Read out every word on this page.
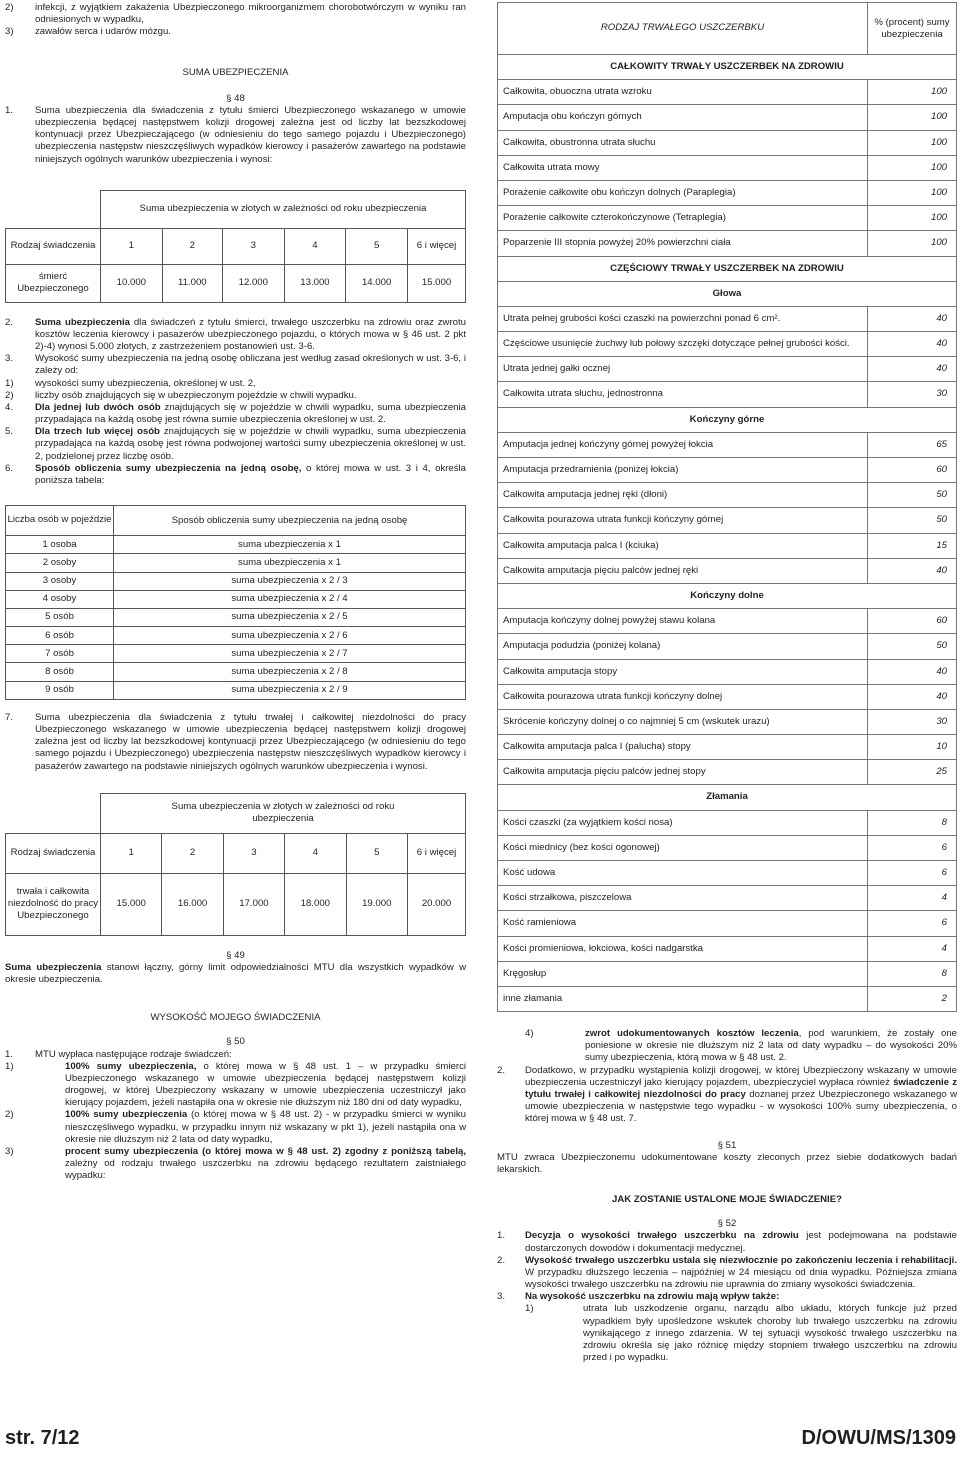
2)	infekcji, z wyjątkiem zakażenia Ubezpieczonego mikroorganizmem chorobotwórczym w wyniku ran odniesionych w wypadku,
3)	zawałów serca i udarów mózgu.
SUMA UBEZPIECZENIA
§ 48
1.	Suma ubezpieczenia dla świadczenia z tytułu śmierci Ubezpieczonego wskazanego w umowie ubezpieczenia będącej następstwem kolizji drogowej zależna jest od liczby lat bezszkodowej kontynuacji przez Ubezpieczającego (w odniesieniu do tego samego pojazdu i Ubezpieczonego) ubezpieczenia następstw nieszczęśliwych wypadków kierowcy i pasażerów zawartego na podstawie niniejszych ogólnych warunków ubezpieczenia i wynosi:
	Suma ubezpieczenia w złotych w zależności od roku ubezpieczenia					
Rodzaj świadczenia	1	2	3	4	5	6 i więcej
śmierć Ubezpieczonego	10.000	11.000	12.000	13.000	14.000	15.000
2.	Suma ubezpieczenia dla świadczeń z tytułu śmierci, trwałego uszczerbku na zdrowiu oraz zwrotu kosztów leczenia kierowcy i pasażerów ubezpieczonego pojazdu, o których mowa w § 46 ust. 2 pkt 2)-4) wynosi 5.000 złotych, z zastrzeżeniem postanowień ust. 3-6.
3.	Wysokość sumy ubezpieczenia na jedną osobę obliczana jest według zasad określonych w ust. 3-6, i zależy od:
1)	wysokości sumy ubezpieczenia, określonej w ust. 2,
2)	liczby osób znajdujących się w ubezpieczonym pojeździe w chwili wypadku.
4.	Dla jednej lub dwóch osób znajdujących się w pojeździe w chwili wypadku, suma ubezpieczenia przypadająca na każdą osobę jest równa sumie ubezpieczenia określonej w ust. 2.
5.	Dla trzech lub więcej osób znajdujących się w pojeździe w chwili wypadku, suma ubezpieczenia przypadająca na każdą osobę jest równa podwojonej wartości sumy ubezpieczenia określonej w ust. 2, podzielonej przez liczbę osób.
6.	Sposób obliczenia sumy ubezpieczenia na jedną osobę, o której mowa w ust. 3 i 4, określa poniższa tabela:
Liczba osób w pojeździe	Sposób obliczenia sumy ubezpieczenia na jedną osobę
1 osoba	suma ubezpieczenia x 1
2 osoby	suma ubezpieczenia x 1
3 osoby	suma ubezpieczenia x 2 / 3
4 osoby	suma ubezpieczenia x 2 / 4
5 osób	suma ubezpieczenia x 2 / 5
6 osób	suma ubezpieczenia x 2 / 6
7 osób	suma ubezpieczenia x 2 / 7
8 osób	suma ubezpieczenia x 2 / 8
9 osób	suma ubezpieczenia x 2 / 9
7.	Suma ubezpieczenia dla świadczenia z tytułu trwałej i całkowitej niezdolności do pracy Ubezpieczonego wskazanego w umowie ubezpieczenia będącej następstwem kolizji drogowej zależna jest od liczby lat bezszkodowej kontynuacji przez Ubezpieczającego (w odniesieniu do tego samego pojazdu i Ubezpieczonego) ubezpieczenia następstw nieszczęśliwych wypadków kierowcy i pasażerów zawartego na podstawie niniejszych ogólnych warunków ubezpieczenia i wynosi.
	Suma ubezpieczenia w złotych w zależności od roku ubezpieczenia					
Rodzaj świadczenia	1	2	3	4	5	6 i więcej
trwała i całkowita niezdolność do pracy Ubezpieczonego	15.000	16.000	17.000	18.000	19.000	20.000
§ 49

Suma ubezpieczenia stanowi łączny, górny limit odpowiedzialności MTU dla wszystkich wypadków w okresie ubezpieczenia.

WYSOKOŚĆ MOJEGO ŚWIADCZENIA
§ 50
1.	MTU wypłaca następujące rodzaje świadczeń:
1)	100% sumy ubezpieczenia, o której mowa w § 48 ust. 1 – w przypadku śmierci Ubezpieczonego wskazanego w umowie ubezpieczenia będącej następstwem kolizji drogowej, w której Ubezpieczony wskazany w umowie ubezpieczenia uczestniczył jako kierujący pojazdem, jeżeli nastąpiła ona w okresie nie dłuższym niż 180 dni od daty wypadku,
2)	100% sumy ubezpieczenia (o której mowa w § 48 ust. 2) - w przypadku śmierci w wyniku nieszczęśliwego wypadku, w przypadku innym niż wskazany w pkt 1), jeżeli nastąpiła ona w okresie nie dłuższym niż 2 lata od daty wypadku,
3)	procent sumy ubezpieczenia (o której mowa w § 48 ust. 2) zgodny z poniższą tabelą, zależny od rodzaju trwałego uszczerbku na zdrowiu będącego rezultatem zaistniałego wypadku:
RODZAJ TRWAŁEGO USZCZERBKU	% (procent) sumy ubezpieczenia
CAŁKOWITY TRWAŁY USZCZERBEK NA ZDROWIU	
Całkowita, obuoczna utrata wzroku	100
Amputacja obu kończyn górnych	100
Całkowita, obustronna utrata słuchu	100
Całkowita utrata mowy	100
Porażenie całkowite obu kończyn dolnych (Paraplegia)	100
Porażenie całkowite czterokończynowe (Tetraplegia)	100
Poparzenie III stopnia powyżej 20% powierzchni ciała	100
CZĘŚCIOWY TRWAŁY USZCZERBEK NA ZDROWIU	
Głowa	
Utrata pełnej grubości kości czaszki na powierzchni ponad 6 cm².	40
Częściowe usunięcie żuchwy lub połowy szczęki dotyczące pełnej grubości kości.	40
Utrata jednej gałki ocznej	40
Całkowita utrata słuchu, jednostronna	30
Kończyny górne	
Amputacja jednej kończyny górnej powyżej łokcia	65
Amputacja przedramienia (poniżej łokcia)	60
Całkowita amputacja jednej ręki (dłoni)	50
Całkowita pourazowa utrata funkcji kończyny górnej	50
Całkowita amputacja palca I (kciuka)	15
Całkowita amputacja pięciu palców jednej ręki	40
Kończyny dolne	
Amputacja kończyny dolnej powyżej stawu kolana	60
Amputacja podudzia (poniżej kolana)	50
Całkowita amputacja stopy	40
Całkowita pourazowa utrata funkcji kończyny dolnej	40
Skrócenie kończyny dolnej o co najmniej 5 cm (wskutek urazu)	30
Całkowita amputacja palca I (palucha) stopy	10
Całkowita amputacja pięciu palców jednej stopy	25
Złamania	
Kości czaszki (za wyjątkiem kości nosa)	8
Kości miednicy (bez kości ogonowej)	6
Kość udowa	6
Kości strzałkowa, piszczelowa	4
Kość ramieniowa	6
Kości promieniowa, łokciowa, kości nadgarstka	4
Kręgosłup	8
inne złamania	2
4)	zwrot udokumentowanych kosztów leczenia, pod warunkiem, że zostały one poniesione w okresie nie dłuższym niż 2 lata od daty wypadku – do wysokości 20% sumy ubezpieczenia, którą mowa w § 48 ust. 2.
2.	Dodatkowo, w przypadku wystąpienia kolizji drogowej, w której Ubezpieczony wskazany w umowie ubezpieczenia uczestniczył jako kierujący pojazdem, ubezpieczyciel wypłaca również świadczenie z tytułu trwałej i całkowitej niezdolności do pracy doznanej przez Ubezpieczonego wskazanego w umowie ubezpieczenia w następstwie tego wypadku - w wysokości 100% sumy ubezpieczenia, o której mowa w § 48 ust. 7.
§ 51

MTU zwraca Ubezpieczonemu udokumentowane koszty zleconych przez siebie dodatkowych badań lekarskich.

JAK ZOSTANIE USTALONE MOJE ŚWIADCZENIE?
§ 52
1.	Decyzja o wysokości trwałego uszczerbku na zdrowiu jest podejmowana na podstawie dostarczonych dowodów i dokumentacji medycznej.
2.	Wysokość trwałego uszczerbku ustala się niezwłocznie po zakończeniu leczenia i rehabilitacji. W przypadku dłuższego leczenia – najpóźniej w 24 miesiącu od dnia wypadku. Późniejsza zmiana wysokości trwałego uszczerbku na zdrowiu nie uprawnia do zmiany wysokości świadczenia.
3.	Na wysokość uszczerbku na zdrowiu mają wpływ także:
1)	utrata lub uszkodzenie organu, narządu albo układu, których funkcje już przed wypadkiem były upośledzone wskutek choroby lub trwałego uszczerbku na zdrowiu wynikającego z innego zdarzenia. W tej sytuacji wysokość trwałego uszczerbku na zdrowiu określa się jako różnicę między stopniem trwałego uszczerbku na zdrowiu przed i po wypadku.
str. 7/12	D/OWU/MS/1309
